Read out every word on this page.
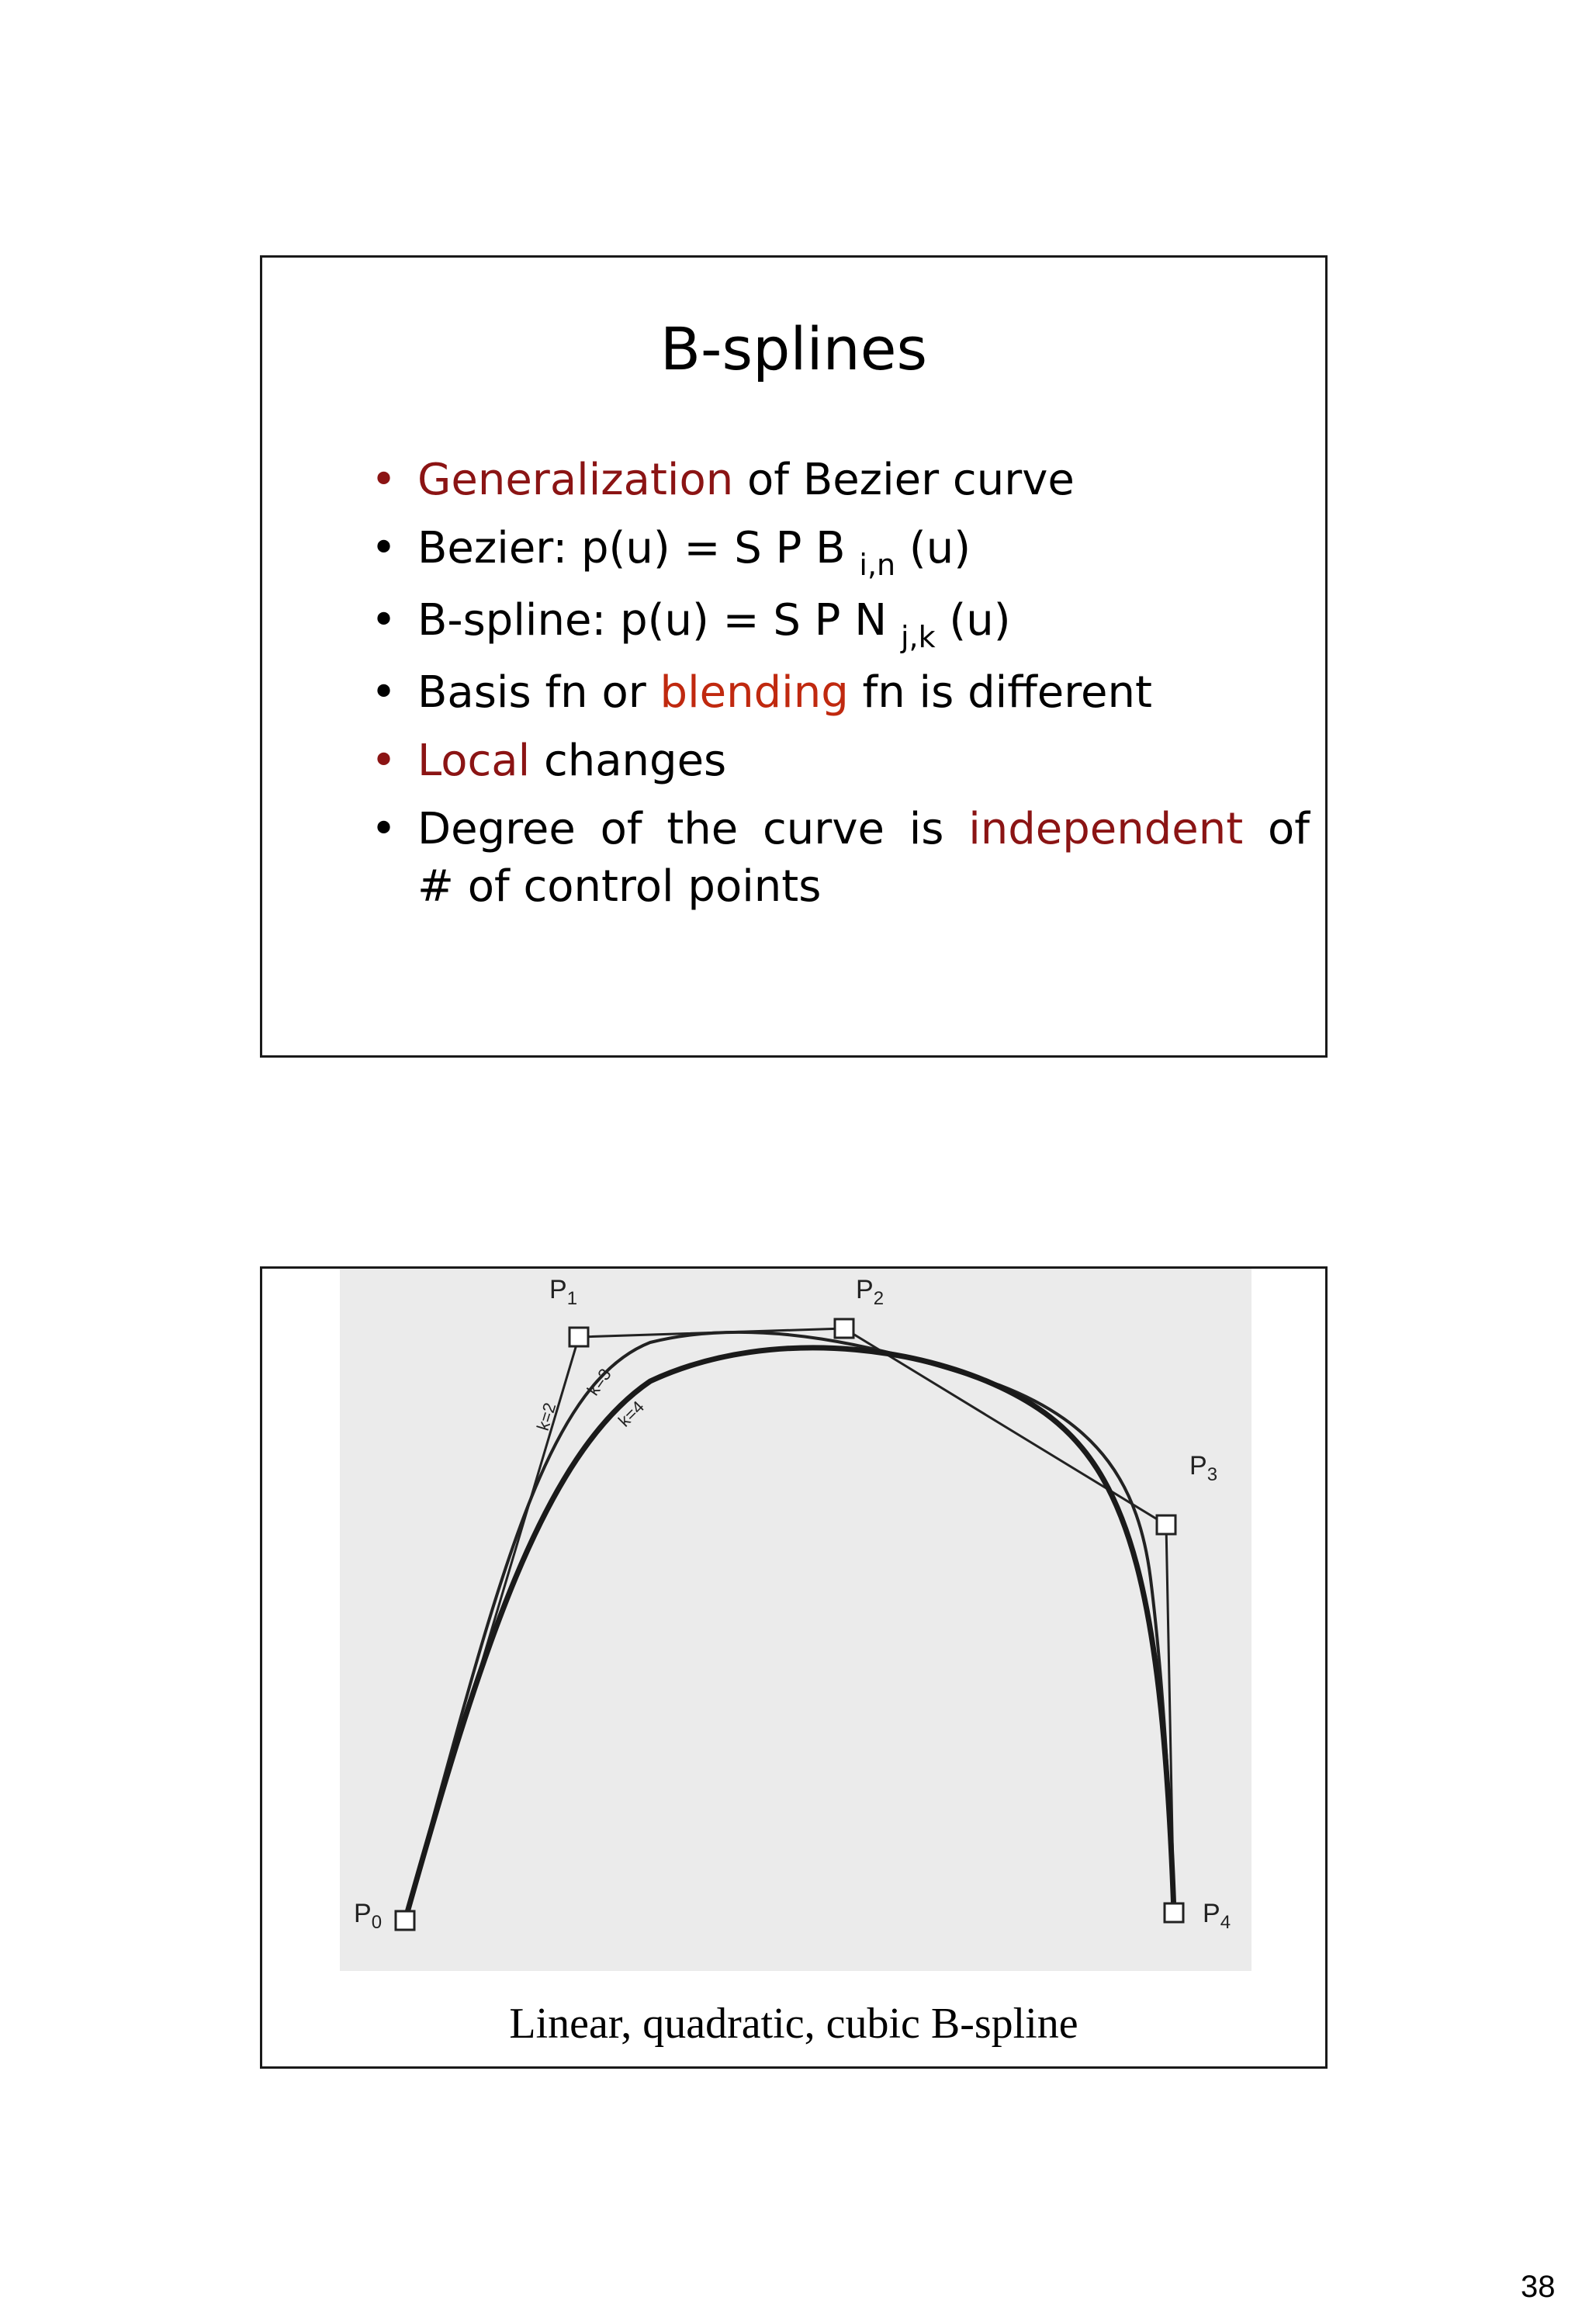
B-splines
• Generalization of Bezier curve
• Bezier: p(u) = S P B $_{i,n}$ (u)
• B-spline: p(u) = S P N $_{j,k}$ (u)
• Basis fn or blending fn is different
• Local changes
• Degree of the curve is independent of
# of control points
$P_0$
$P_1$	$P_2$
$P_3$
$P_4$
k=2
k=3
k=4
Linear, quadratic, cubic B-spline
38
